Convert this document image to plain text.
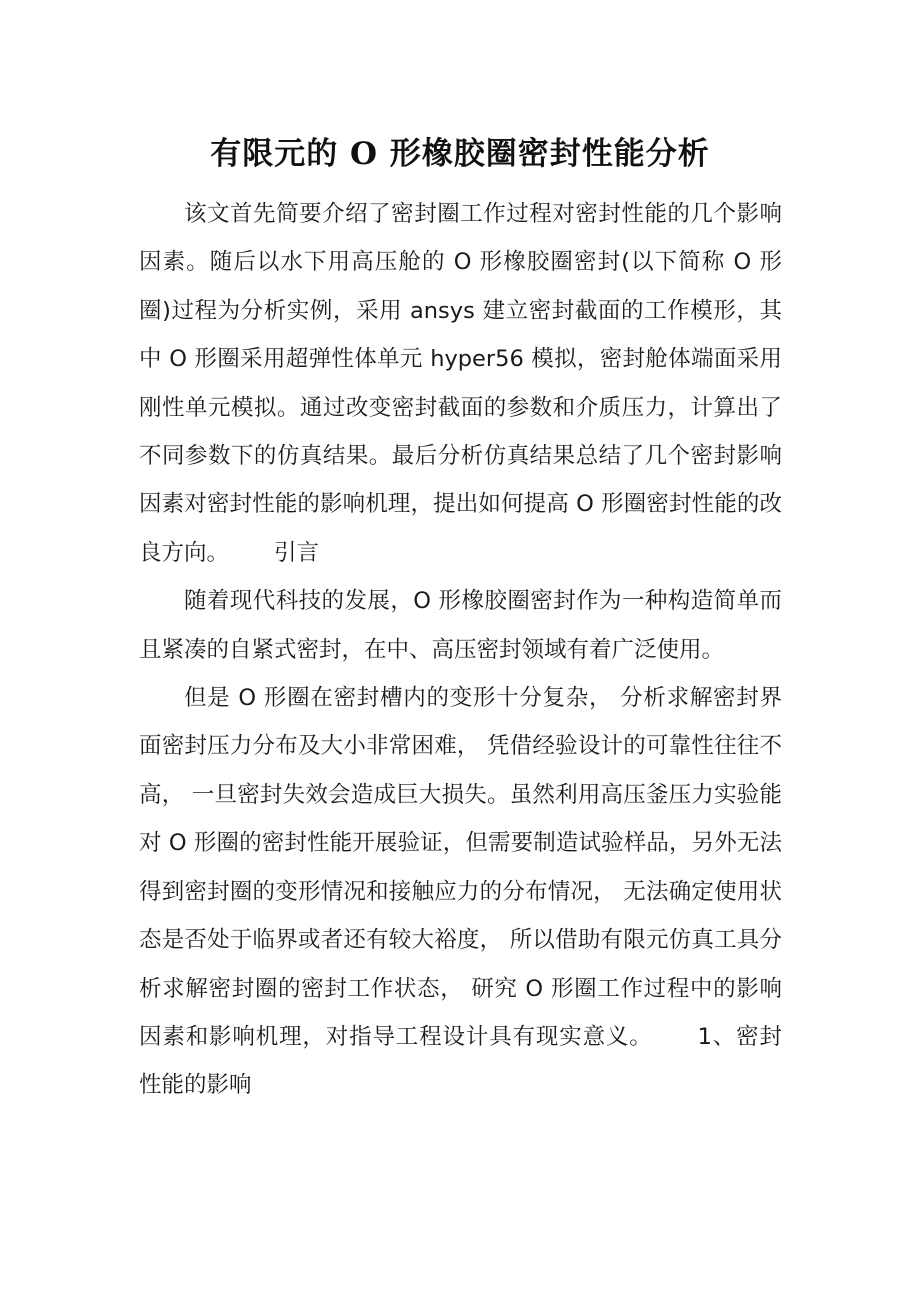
有限元的 O 形橡胶圈密封性能分析

该文首先简要介绍了密封圈工作过程对密封性能的几个影响因素。随后以水下用高压舱的 O 形橡胶圈密封(以下简称 O 形圈)过程为分析实例，采用 ansys 建立密封截面的工作模形，其中 O 形圈采用超弹性体单元 hyper56 模拟，密封舱体端面采用刚性单元模拟。通过改变密封截面的参数和介质压力，计算出了不同参数下的仿真结果。最后分析仿真结果总结了几个密封影响因素对密封性能的影响机理，提出如何提高 O 形圈密封性能的改良方向。 引言

随着现代科技的发展，O 形橡胶圈密封作为一种构造简单而且紧凑的自紧式密封，在中、高压密封领域有着广泛使用。

但是 O 形圈在密封槽内的变形十分复杂， 分析求解密封界面密封压力分布及大小非常困难， 凭借经验设计的可靠性往往不高， 一旦密封失效会造成巨大损失。虽然利用高压釜压力实验能对 O 形圈的密封性能开展验证，但需要制造试验样品，另外无法得到密封圈的变形情况和接触应力的分布情况， 无法确定使用状态是否处于临界或者还有较大裕度， 所以借助有限元仿真工具分析求解密封圈的密封工作状态， 研究 O 形圈工作过程中的影响因素和影响机理，对指导工程设计具有现实意义。 1、密封性能的影响
